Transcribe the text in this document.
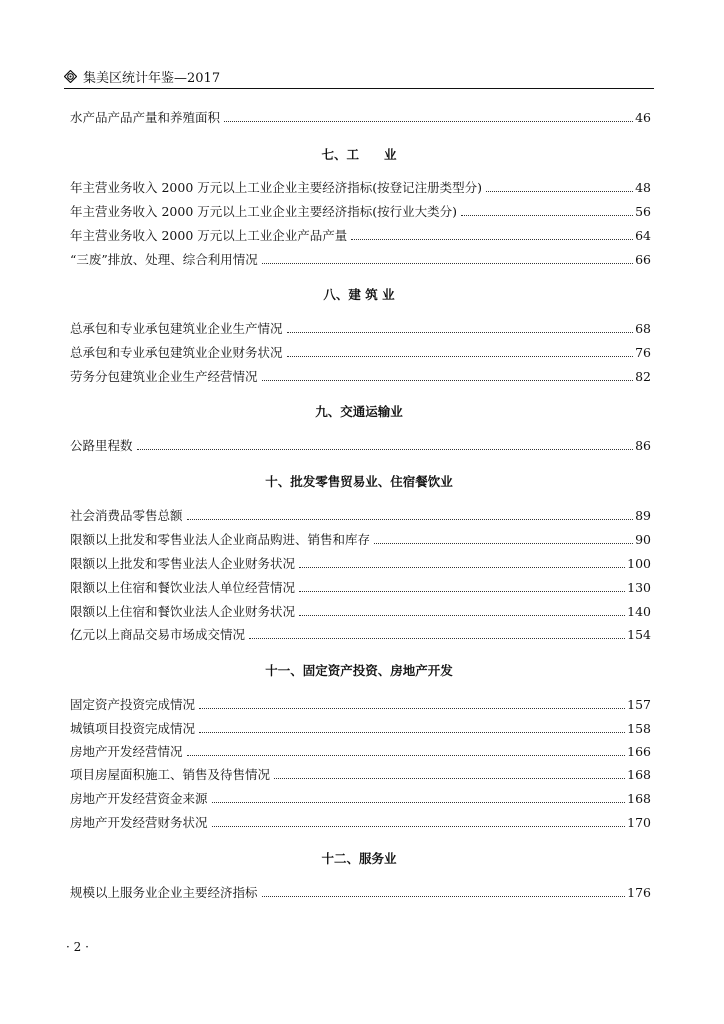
集美区统计年鉴—2017
水产品产品产量和养殖面积	46
七、工　　业
年主营业务收入 2000 万元以上工业企业主要经济指标(按登记注册类型分)	48
年主营业务收入 2000 万元以上工业企业主要经济指标(按行业大类分)	56
年主营业务收入 2000 万元以上工业企业产品产量	64
“三废”排放、处理、综合利用情况	66
八、建 筑 业
总承包和专业承包建筑业企业生产情况	68
总承包和专业承包建筑业企业财务状况	76
劳务分包建筑业企业生产经营情况	82
九、交通运输业
公路里程数	86
十、批发零售贸易业、住宿餐饮业
社会消费品零售总额	89
限额以上批发和零售业法人企业商品购进、销售和库存	90
限额以上批发和零售业法人企业财务状况	100
限额以上住宿和餐饮业法人单位经营情况	130
限额以上住宿和餐饮业法人企业财务状况	140
亿元以上商品交易市场成交情况	154
十一、固定资产投资、房地产开发
固定资产投资完成情况	157
城镇项目投资完成情况	158
房地产开发经营情况	166
项目房屋面积施工、销售及待售情况	168
房地产开发经营资金来源	168
房地产开发经营财务状况	170
十二、服务业
规模以上服务业企业主要经济指标	176
· 2 ·
